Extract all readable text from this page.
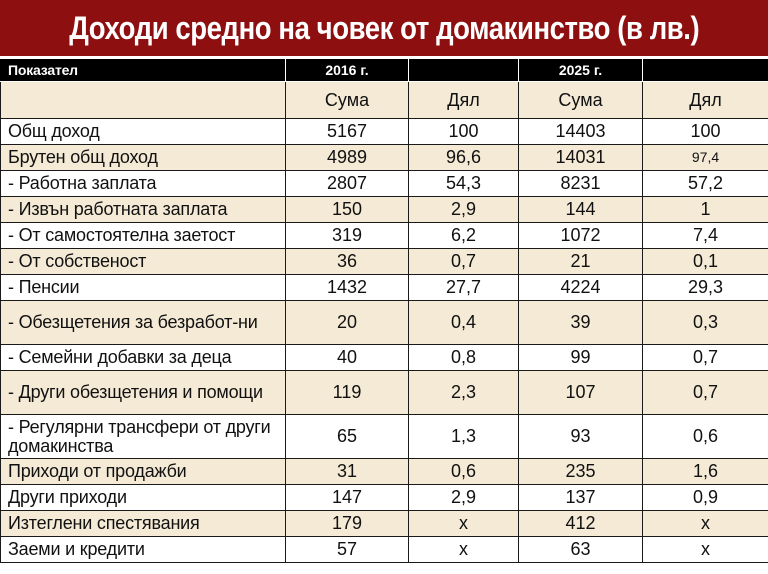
Доходи средно на човек от домакинство (в лв.)
Показател	2016 г.		2025 г.	
	Сума	Дял	Сума	Дял
Общ доход	5167	100	14403	100
Брутен общ доход	4989	96,6	14031	97,4
- Работна заплата	2807	54,3	8231	57,2
- Извън работната заплата	150	2,9	144	1
- От самостоятелна заетост	319	6,2	1072	7,4
- От собственост	36	0,7	21	0,1
- Пенсии	1432	27,7	4224	29,3
- Обезщетения за безработ-ни	20	0,4	39	0,3
- Семейни добавки за деца	40	0,8	99	0,7
- Други обезщетения и помощи	119	2,3	107	0,7
- Регулярни трансфери от други домакинства	65	1,3	93	0,6
Приходи от продажби	31	0,6	235	1,6
Други приходи	147	2,9	137	0,9
Изтеглени спестявания	179	x	412	x
Заеми и кредити	57	x	63	x
